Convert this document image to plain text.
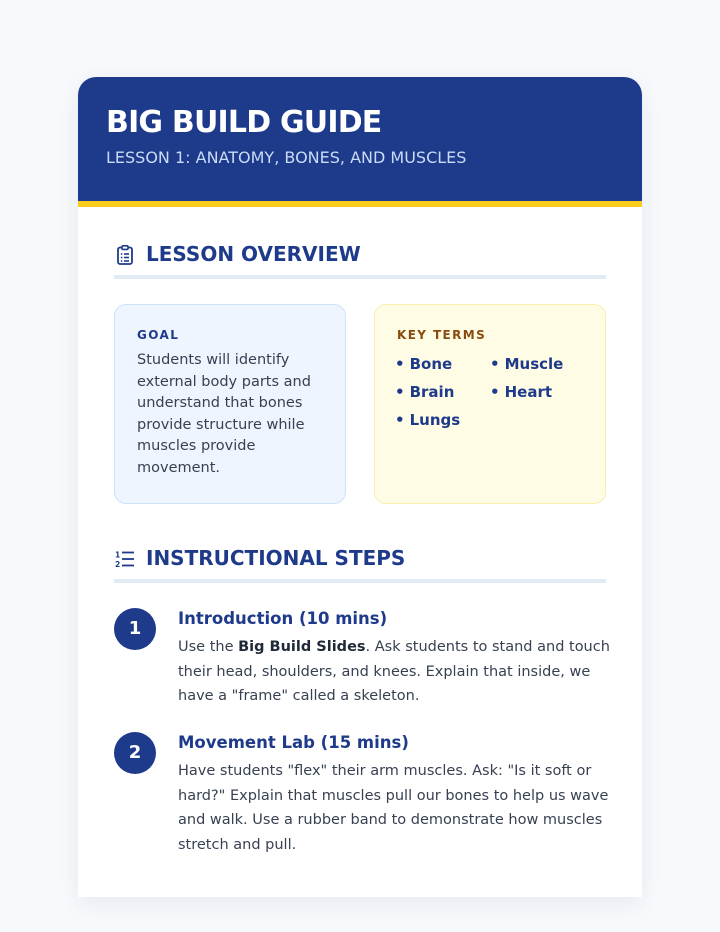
BIG BUILD GUIDE
LESSON 1: ANATOMY, BONES, AND MUSCLES
LESSON OVERVIEW
GOAL
Students will identify external body parts and understand that bones provide structure while muscles provide movement.
KEY TERMS
• Bone	• Muscle
• Brain	• Heart
• Lungs
1
2 INSTRUCTIONAL STEPS
1	Introduction (10 mins)
Use the Big Build Slides. Ask students to stand and touch their head, shoulders, and knees. Explain that inside, we have a "frame" called a skeleton.
2	Movement Lab (15 mins)
Have students "flex" their arm muscles. Ask: "Is it soft or hard?" Explain that muscles pull our bones to help us wave and walk. Use a rubber band to demonstrate how muscles stretch and pull.
